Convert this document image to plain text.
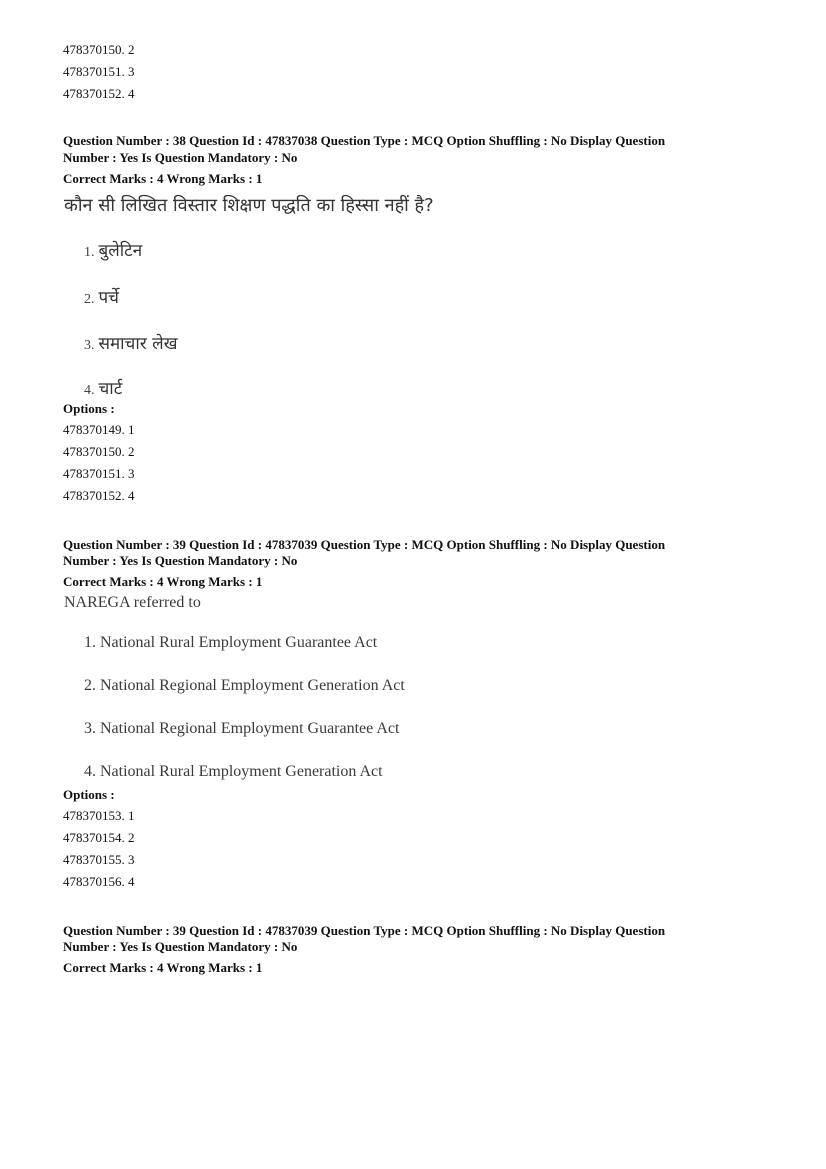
478370150. 2
478370151. 3
478370152. 4
Question Number : 38 Question Id : 47837038 Question Type : MCQ Option Shuffling : No Display Question
Number : Yes Is Question Mandatory : No
Correct Marks : 4 Wrong Marks : 1
कौन सी लिखित विस्तार शिक्षण पद्धति का हिस्सा नहीं है?
1. बुलेटिन
2. पर्चे
3. समाचार लेख
4. चार्ट
Options :
478370149. 1
478370150. 2
478370151. 3
478370152. 4
Question Number : 39 Question Id : 47837039 Question Type : MCQ Option Shuffling : No Display Question
Number : Yes Is Question Mandatory : No
Correct Marks : 4 Wrong Marks : 1
NAREGA referred to
1. National Rural Employment Guarantee Act
2. National Regional Employment Generation Act
3. National Regional Employment Guarantee Act
4. National Rural Employment Generation Act
Options :
478370153. 1
478370154. 2
478370155. 3
478370156. 4
Question Number : 39 Question Id : 47837039 Question Type : MCQ Option Shuffling : No Display Question
Number : Yes Is Question Mandatory : No
Correct Marks : 4 Wrong Marks : 1
